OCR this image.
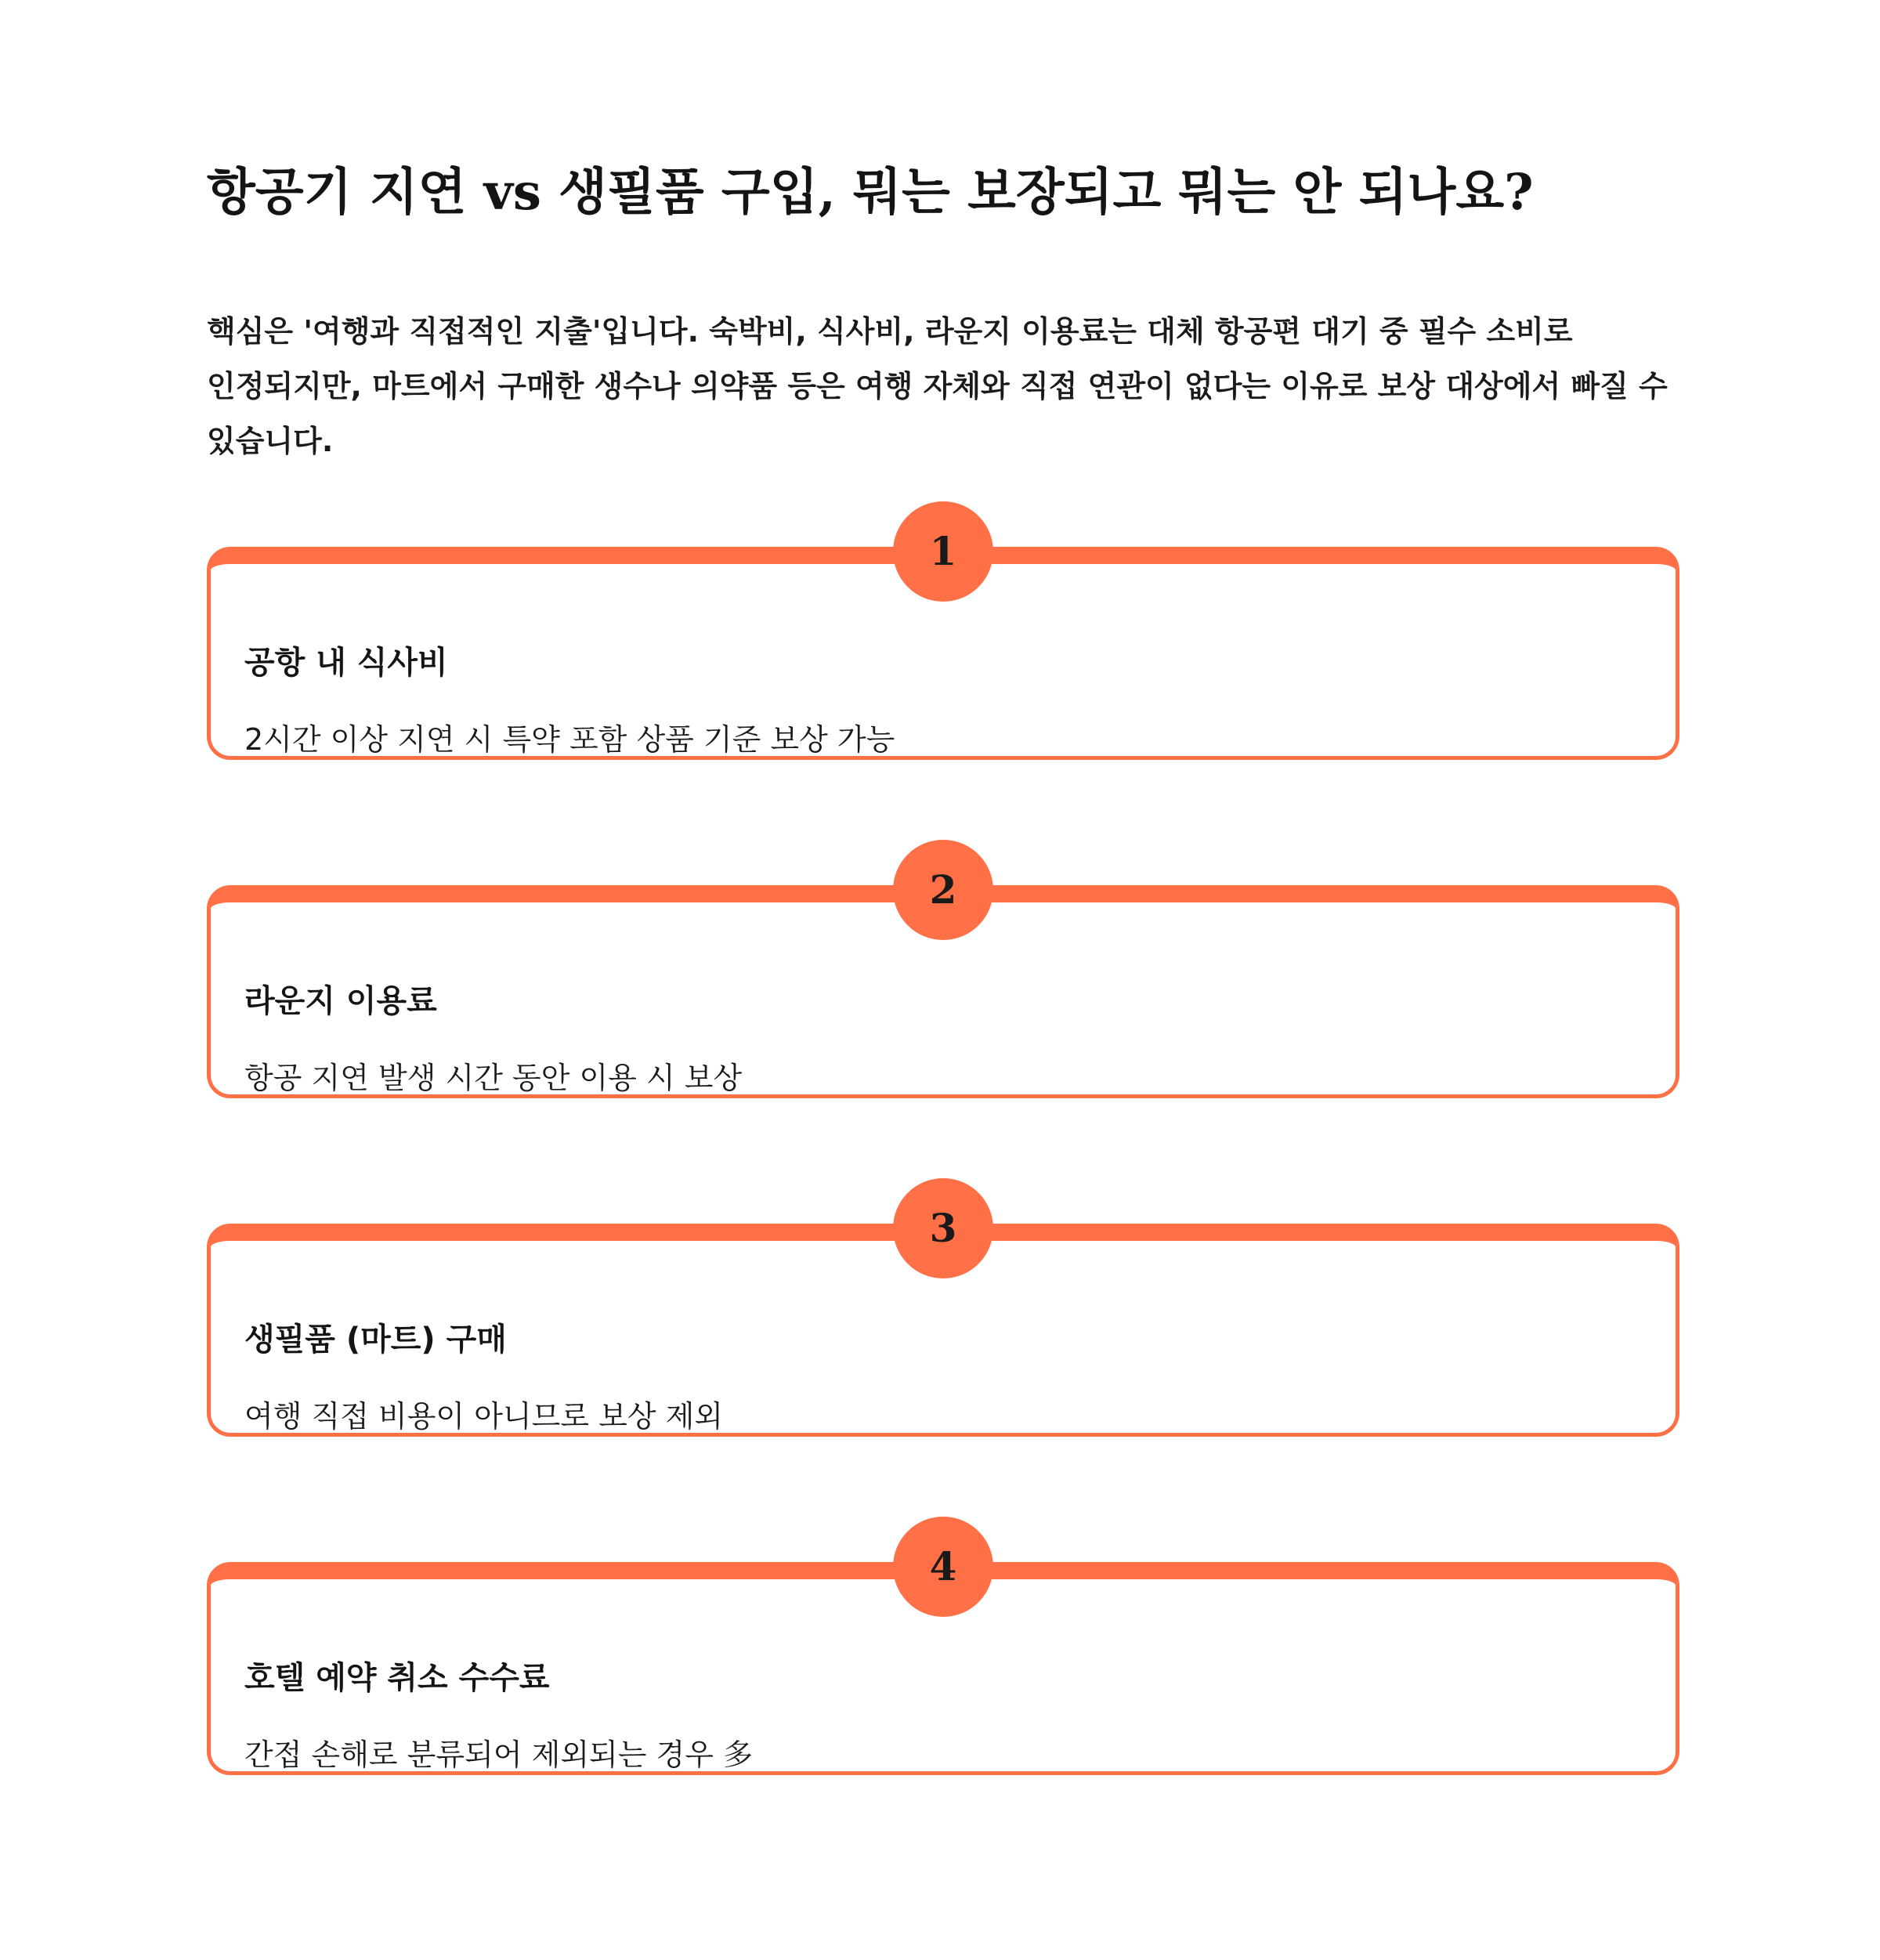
항공기 지연 vs 생필품 구입, 뭐는 보장되고 뭐는 안 되나요?

핵심은 '여행과 직접적인 지출'입니다. 숙박비, 식사비, 라운지 이용료는 대체 항공편 대기 중 필수 소비로 인정되지만, 마트에서 구매한 생수나 의약품 등은 여행 자체와 직접 연관이 없다는 이유로 보상 대상에서 빠질 수 있습니다.

1
공항 내 식사비

2시간 이상 지연 시 특약 포함 상품 기준 보상 가능

2
라운지 이용료

항공 지연 발생 시간 동안 이용 시 보상

3
생필품 (마트) 구매

여행 직접 비용이 아니므로 보상 제외

4
호텔 예약 취소 수수료

간접 손해로 분류되어 제외되는 경우 多
